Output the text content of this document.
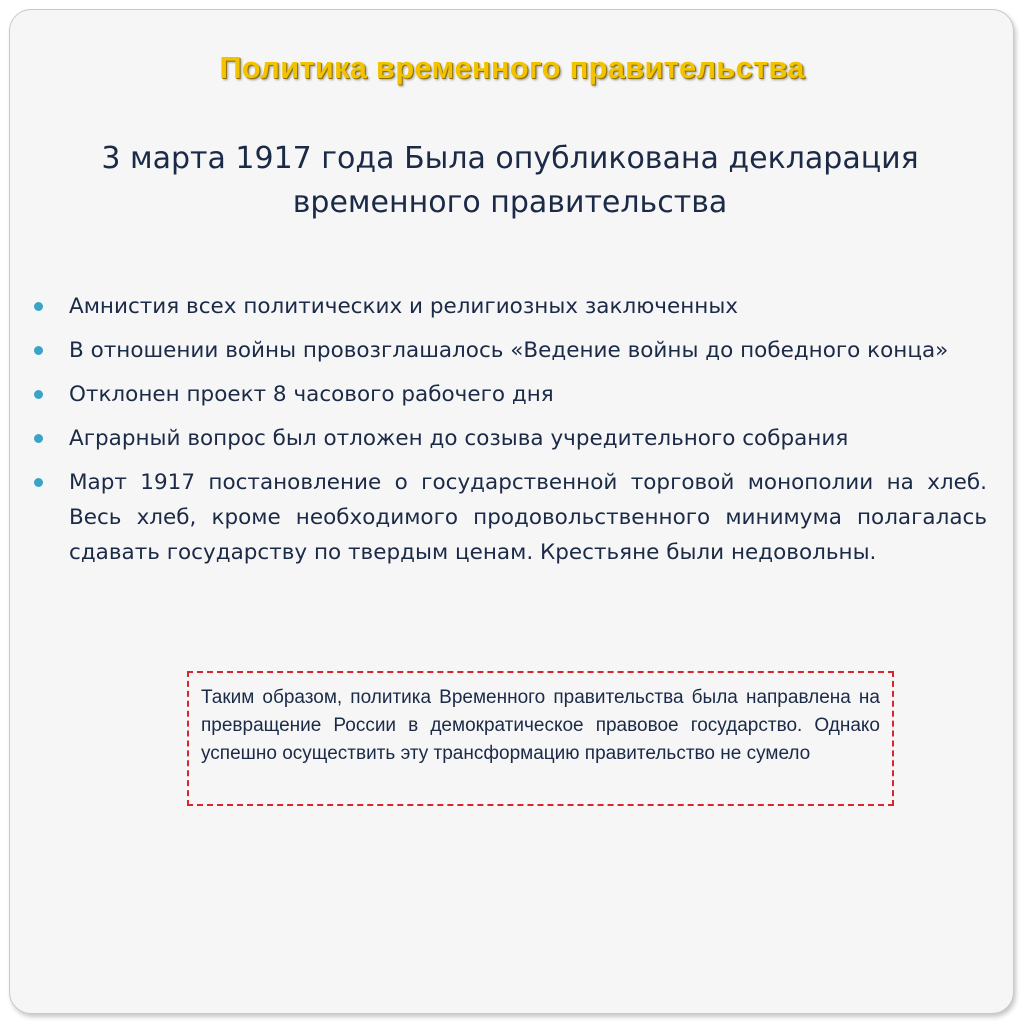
Политика временного правительства
3 марта 1917 года Была опубликована декларация временного правительства
Амнистия всех политических и религиозных заключенных
В отношении войны провозглашалось «Ведение войны до победного конца»
Отклонен проект 8 часового рабочего дня
Аграрный вопрос был отложен до созыва учредительного собрания
Март 1917 постановление о государственной торговой монополии на хлеб. Весь хлеб, кроме необходимого продовольственного минимума полагалась сдавать государству по твердым ценам. Крестьяне были недовольны.
Таким образом, политика Временного правительства была направлена на превращение России в демократическое правовое государство. Однако успешно осуществить эту трансформацию правительство не сумело
